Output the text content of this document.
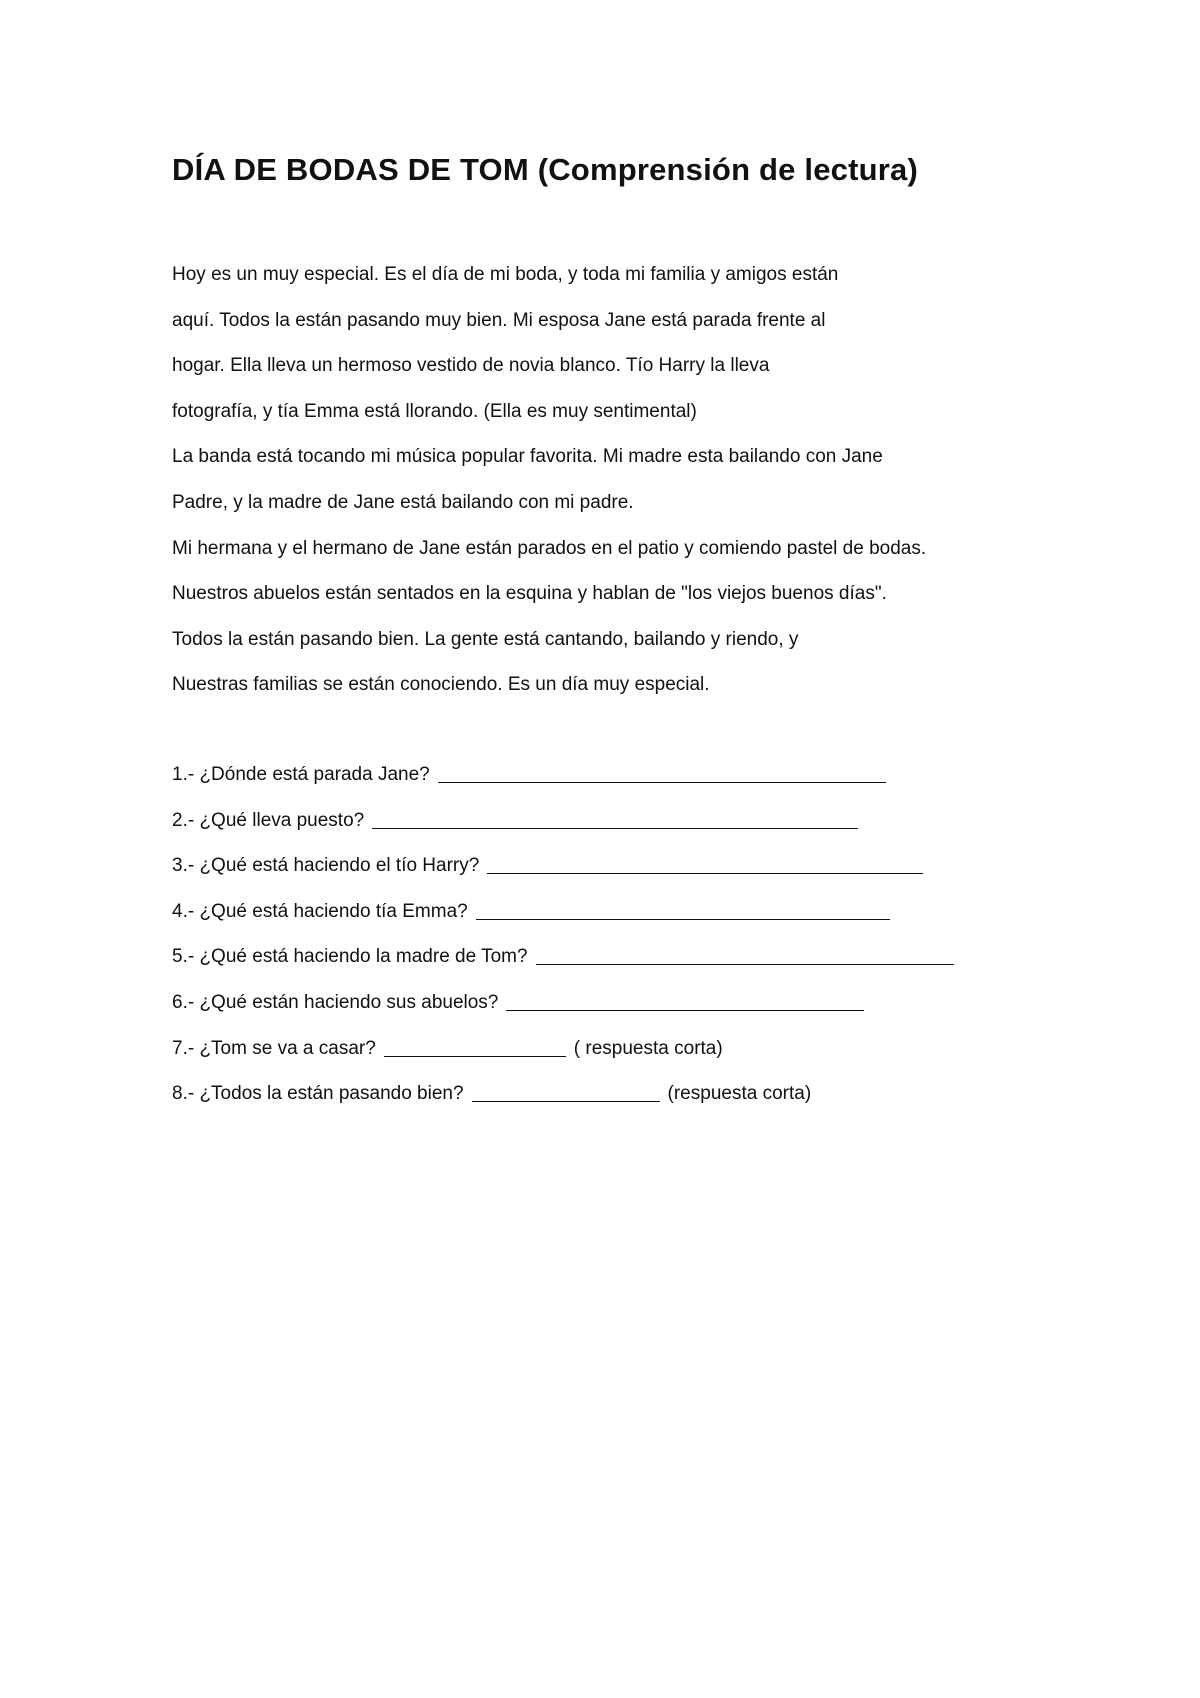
DÍA DE BODAS DE TOM (Comprensión de lectura)
Hoy es un muy especial. Es el día de mi boda, y toda mi familia y amigos están
aquí. Todos la están pasando muy bien. Mi esposa Jane está parada frente al
hogar. Ella lleva un hermoso vestido de novia blanco. Tío Harry la lleva
fotografía, y tía Emma está llorando. (Ella es muy sentimental)
La banda está tocando mi música popular favorita. Mi madre esta bailando con Jane
Padre, y la madre de Jane está bailando con mi padre.
Mi hermana y el hermano de Jane están parados en el patio y comiendo pastel de bodas.
Nuestros abuelos están sentados en la esquina y hablan de "los viejos buenos días".
Todos la están pasando bien. La gente está cantando, bailando y riendo, y
Nuestras familias se están conociendo. Es un día muy especial.
1.- ¿Dónde está parada Jane?
2.- ¿Qué lleva puesto?
3.- ¿Qué está haciendo el tío Harry?
4.- ¿Qué está haciendo tía Emma?
5.- ¿Qué está haciendo la madre de Tom?
6.- ¿Qué están haciendo sus abuelos?
7.- ¿Tom se va a casar?	( respuesta corta)
8.- ¿Todos la están pasando bien?	(respuesta corta)
